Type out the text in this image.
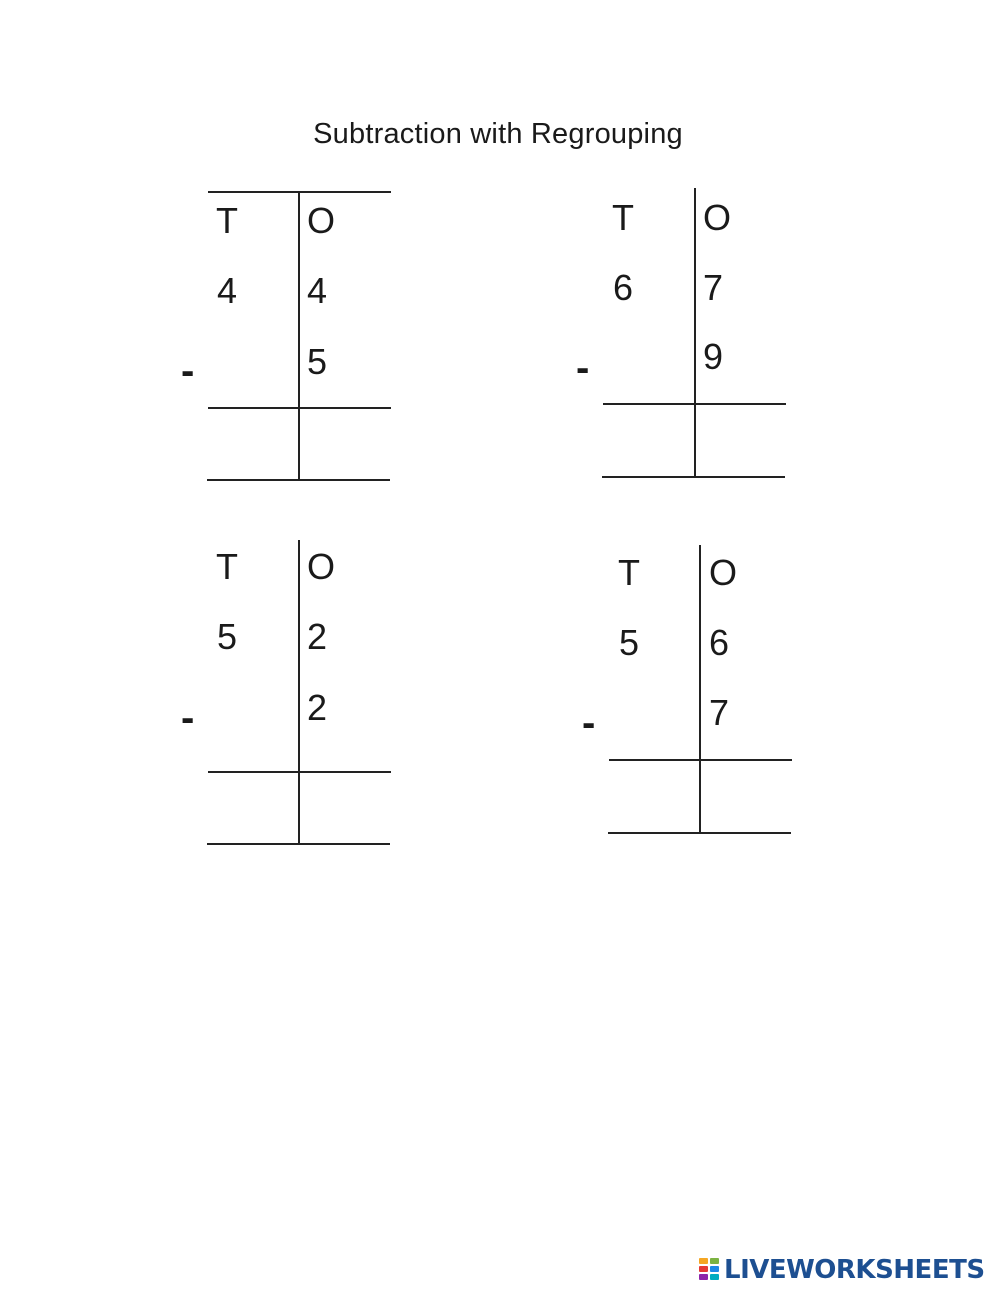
Subtraction with Regrouping
T O
4 4
-	5
T O
6 7
-	9
T O
5 2
-	2
T O
5 6
-	7
LIVEWORKSHEETS
